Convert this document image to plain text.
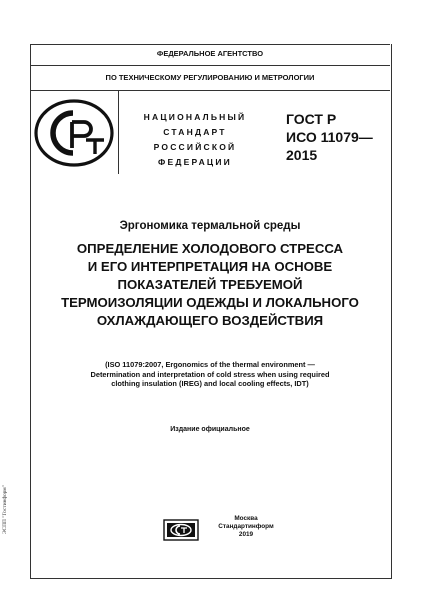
ФЕДЕРАЛЬНОЕ АГЕНТСТВО
ПО ТЕХНИЧЕСКОМУ РЕГУЛИРОВАНИЮ И МЕТРОЛОГИИ
НАЦИОНАЛЬНЫЙ
СТАНДАРТ
РОССИЙСКОЙ
ФЕДЕРАЦИИ
ГОСТ Р
ИСО 11079—
2015
Эргономика термальной среды
ОПРЕДЕЛЕНИЕ ХОЛОДОВОГО СТРЕССА
И ЕГО ИНТЕРПРЕТАЦИЯ НА ОСНОВЕ
ПОКАЗАТЕЛЕЙ ТРЕБУЕМОЙ
ТЕРМОИЗОЛЯЦИИ ОДЕЖДЫ И ЛОКАЛЬНОГО
ОХЛАЖДАЮЩЕГО ВОЗДЕЙСТВИЯ
(ISO 11079:2007, Ergonomics of the thermal environment —
Determination and interpretation of cold stress when using required
clothing insulation (IREG) and local cooling effects, IDT)
Издание официальное
Москва
Стандартинформ
2019
ЭСПП "Гостинформ"
